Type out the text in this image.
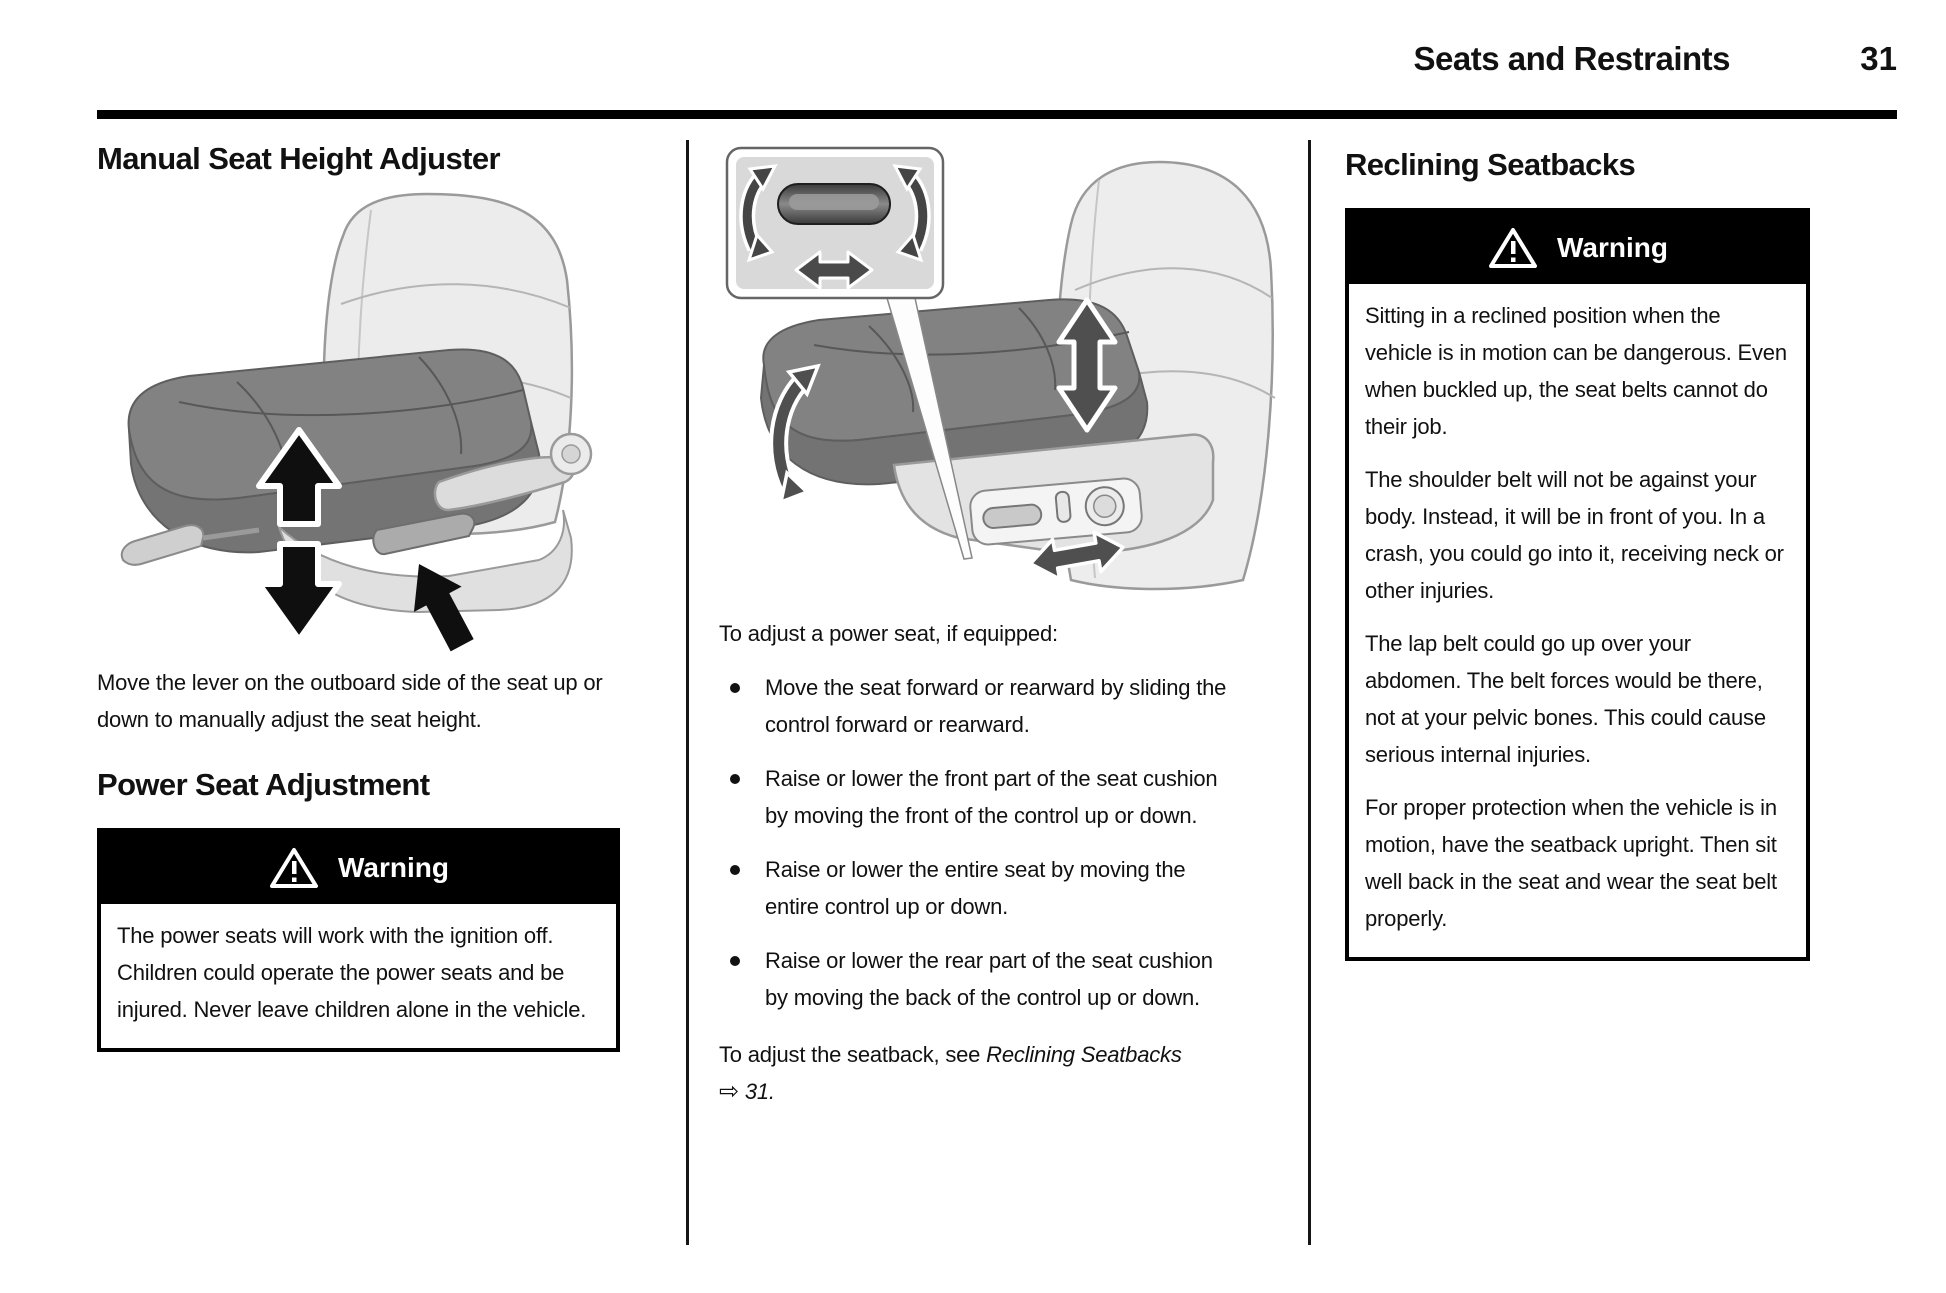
Seats and Restraints	31
Manual Seat Height Adjuster

Move the lever on the outboard side of the seat up or down to manually adjust the seat height.

Power Seat Adjustment
Warning

The power seats will work with the ignition off. Children could operate the power seats and be injured. Never leave children alone in the vehicle.

To adjust a power seat, if equipped:

Move the seat forward or rearward by sliding the control forward or rearward.
Raise or lower the front part of the seat cushion by moving the front of the control up or down.
Raise or lower the entire seat by moving the entire control up or down.
Raise or lower the rear part of the seat cushion by moving the back of the control up or down.

To adjust the seatback, see Reclining Seatbacks
⇨ 31.

Reclining Seatbacks
Warning

Sitting in a reclined position when the vehicle is in motion can be dangerous. Even when buckled up, the seat belts cannot do their job.

The shoulder belt will not be against your body. Instead, it will be in front of you. In a crash, you could go into it, receiving neck or other injuries.

The lap belt could go up over your abdomen. The belt forces would be there, not at your pelvic bones. This could cause serious internal injuries.

For proper protection when the vehicle is in motion, have the seatback upright. Then sit well back in the seat and wear the seat belt properly.
